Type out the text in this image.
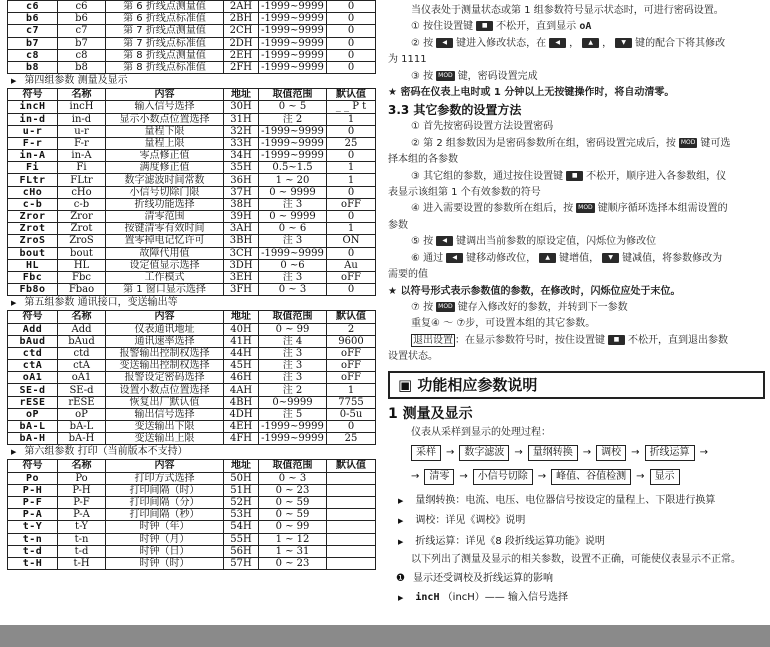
c6	c6	第 6 折线点测量值	2AH	-1999~9999	0
b6	b6	第 6 折线点标准值	2BH	-1999~9999	0
c7	c7	第 7 折线点测量值	2CH	-1999~9999	0
b7	b7	第 7 折线点标准值	2DH	-1999~9999	0
c8	c8	第 8 折线点测量值	2EH	-1999~9999	0
b8	b8	第 8 折线点标准值	2FH	-1999~9999	0
▶ 第四组参数 测量及显示
符号	名称	内容	地址	取值范围	默认值
incH	incH	输入信号选择	30H	0 ~ 5	_ _ P t
in-d	in-d	显示小数点位置选择	31H	注 2	1
u-r	u-r	量程下限	32H	-1999~9999	0
F-r	F-r	量程上限	33H	-1999~9999	25
in-A	in-A	零点修正值	34H	-1999~9999	0
Fi	Fi	满度修正值	35H	0.5~1.5	1
FLtr	FLtr	数字滤波时间常数	36H	1 ~ 20	1
cHo	cHo	小信号切除门限	37H	0 ~ 9999	0
c-b	c-b	折线功能选择	38H	注 3	oFF
Zror	Zror	清零范围	39H	0 ~ 9999	0
Zrot	Zrot	按键清零有效时间	3AH	0 ~ 6	1
ZroS	ZroS	置零掉电记忆许可	3BH	注 3	ON
bout	bout	故障代用值	3CH	-1999~9999	0
HL	HL	设定值显示选择	3DH	0 ~6	Au
Fbc	Fbc	工作模式	3EH	注 3	oFF
Fb8o	Fbao	第 1 窗口显示选择	3FH	0 ~ 3	0
▶ 第五组参数 通讯接口，变送输出等
符号	名称	内容	地址	取值范围	默认值
Add	Add	仪表通讯地址	40H	0 ~ 99	2
bAud	bAud	通讯速率选择	41H	注 4	9600
ctd	ctd	报警输出控制权选择	44H	注 3	oFF
ctA	ctA	变送输出控制权选择	45H	注 3	oFF
oA1	oA1	报警设定密码选择	46H	注 3	oFF
SE-d	SE-d	设置小数点位置选择	4AH	注 2	1
rESE	rESE	恢复出厂默认值	4BH	0~9999	7755
oP	oP	输出信号选择	4DH	注 5	0-5u
bA-L	bA-L	变送输出下限	4EH	-1999~9999	0
bA-H	bA-H	变送输出上限	4FH	-1999~9999	25
▶ 第六组参数 打印（当前版本不支持）
符号	名称	内容	地址	取值范围	默认值
Po	Po	打印方式选择	50H	0 ~ 3	
P-H	P-H	打印间隔（时）	51H	0 ~ 23	
P-F	P-F	打印间隔（分）	52H	0 ~ 59	
P-A	P-A	打印间隔（秒）	53H	0 ~ 59	
t-Y	t-Y	时钟（年）	54H	0 ~ 99	
t-n	t-n	时钟（月）	55H	1 ~ 12	
t-d	t-d	时钟（日）	56H	1 ~ 31	
t-H	t-H	时钟（时）	57H	0 ~ 23	
当仪表处于测量状态或第 1 组参数符号显示状态时，可进行密码设置。
① 按住设置键 ■ 不松开，直到显示 oA
② 按 ◀ 键进入修改状态，在 ◀ ， ▲ ， ▼ 键的配合下将其修改
为 1111
③ 按 MOD 键，密码设置完成
★ 密码在仪表上电时或 1 分钟以上无按键操作时，将自动清零。
3.3 其它参数的设置方法
① 首先按密码设置方法设置密码
② 第 2 组参数因为是密码参数所在组，密码设置完成后，按 MOD 键可选
择本组的各参数
③ 其它组的参数，通过按住设置键 ■ 不松开，顺序进入各参数组，仪
表显示该组第 1 个有效参数的符号
④ 进入需要设置的参数所在组后，按 MOD 键顺序循环选择本组需设置的
参数
⑤ 按 ◀ 键调出当前参数的原设定值，闪烁位为修改位
⑥ 通过 ◀ 键移动修改位， ▲ 键增值， ▼ 键减值，将参数修改为
需要的值
★ 以符号形式表示参数值的参数，在修改时，闪烁位应处于末位。
⑦ 按 MOD 键存入修改好的参数，并转到下一参数
重复④ ～ ⑦步，可设置本组的其它参数。
退出设置 ：在显示参数符号时，按住设置键 ■ 不松开，直到退出参数
设置状态。
▣ 功能相应参数说明
1 测量及显示
仪表从采样到显示的处理过程：
采样	→	数字滤波	→	量纲转换	→	调校	→	折线运算	→
→	清零	→	小信号切除	→	峰值、谷值检测	→	显示
▶ 量纲转换：电流、电压、电位器信号按设定的量程上、下限进行换算
▶ 调校：详见《调校》说明
▶ 折线运算：详见《8 段折线运算功能》说明
以下列出了测量及显示的相关参数，设置不正确，可能使仪表显示不正常。
❶ 显示还受调校及折线运算的影响
▶ incH （incH）—— 输入信号选择
